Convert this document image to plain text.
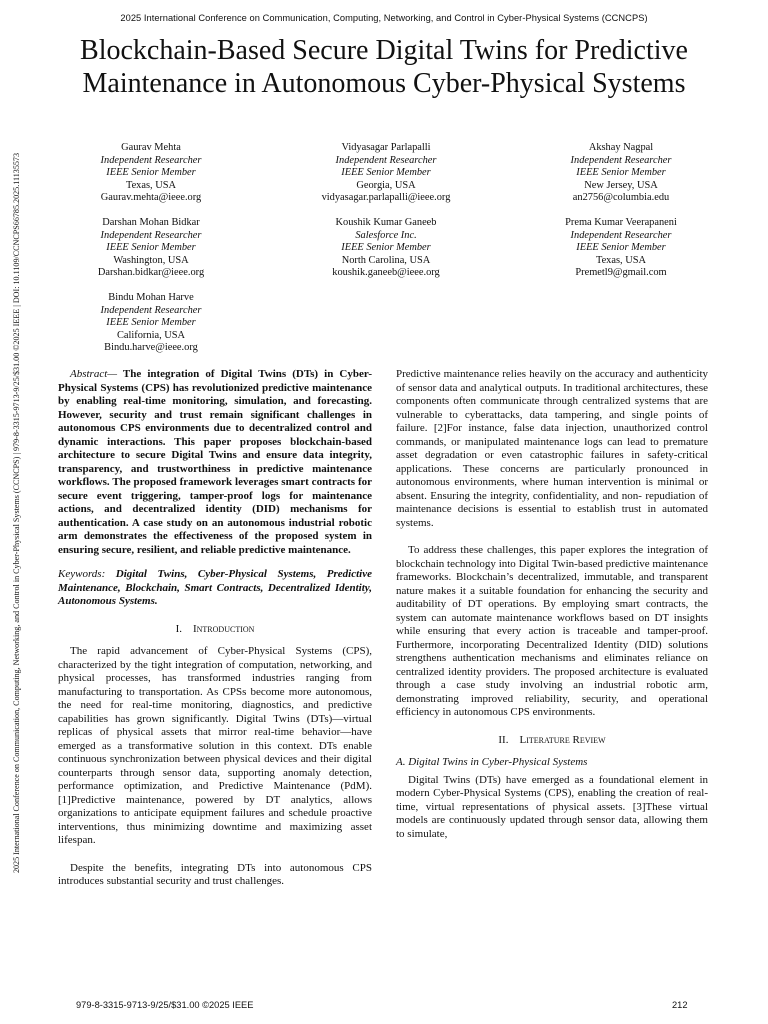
2025 International Conference on Communication, Computing, Networking, and Control in Cyber-Physical Systems (CCNCPS)
2025 International Conference on Communication, Computing, Networking, and Control in Cyber-Physical Systems (CCNCPS) | 979-8-3315-9713-9/25/$31.00 ©2025 IEEE | DOI: 10.1109/CCNCPS66785.2025.11135573
Blockchain-Based Secure Digital Twins for Predictive Maintenance in Autonomous Cyber-Physical Systems
Gaurav Mehta
Independent Researcher
IEEE Senior Member
Texas, USA
Gaurav.mehta@ieee.org
Vidyasagar Parlapalli
Independent Researcher
IEEE Senior Member
Georgia, USA
vidyasagar.parlapalli@ieee.org
Akshay Nagpal
Independent Researcher
IEEE Senior Member
New Jersey, USA
an2756@columbia.edu
Darshan Mohan Bidkar
Independent Researcher
IEEE Senior Member
Washington, USA
Darshan.bidkar@ieee.org
Koushik Kumar Ganeeb
Salesforce Inc.
IEEE Senior Member
North Carolina, USA
koushik.ganeeb@ieee.org
Prema Kumar Veerapaneni
Independent Researcher
IEEE Senior Member
Texas, USA
Premetl9@gmail.com
Bindu Mohan Harve
Independent Researcher
IEEE Senior Member
California, USA
Bindu.harve@ieee.org

Abstract— The integration of Digital Twins (DTs) in Cyber-Physical Systems (CPS) has revolutionized predictive maintenance by enabling real-time monitoring, simulation, and forecasting. However, security and trust remain significant challenges in autonomous CPS environments due to decentralized control and dynamic interactions. This paper proposes blockchain-based architecture to secure Digital Twins and ensure data integrity, transparency, and trustworthiness in predictive maintenance workflows. The proposed framework leverages smart contracts for secure event triggering, tamper-proof logs for maintenance actions, and decentralized identity (DID) mechanisms for authentication. A case study on an autonomous industrial robotic arm demonstrates the effectiveness of the proposed system in ensuring secure, resilient, and reliable predictive maintenance.

Keywords: Digital Twins, Cyber-Physical Systems, Predictive Maintenance, Blockchain, Smart Contracts, Decentralized Identity, Autonomous Systems.

I. Introduction

The rapid advancement of Cyber-Physical Systems (CPS), characterized by the tight integration of computation, networking, and physical processes, has transformed industries ranging from manufacturing to transportation. As CPSs become more autonomous, the need for real-time monitoring, diagnostics, and predictive capabilities has grown significantly. Digital Twins (DTs)—virtual replicas of physical assets that mirror real-time behavior—have emerged as a transformative solution in this context. DTs enable continuous synchronization between physical devices and their digital counterparts through sensor data, supporting anomaly detection, performance optimization, and Predictive Maintenance (PdM). [1]Predictive maintenance, powered by DT analytics, allows organizations to anticipate equipment failures and schedule proactive interventions, thus minimizing downtime and maximizing asset lifespan.

Despite the benefits, integrating DTs into autonomous CPS introduces substantial security and trust challenges.

Predictive maintenance relies heavily on the accuracy and authenticity of sensor data and analytical outputs. In traditional architectures, these components often communicate through centralized systems that are vulnerable to cyberattacks, data tampering, and single points of failure. [2]For instance, false data injection, unauthorized control commands, or manipulated maintenance logs can lead to premature asset degradation or even catastrophic failures in safety-critical applications. These concerns are particularly pronounced in autonomous environments, where human intervention is minimal or absent. Ensuring the integrity, confidentiality, and non- repudiation of maintenance decisions is essential to establish trust in automated systems.

To address these challenges, this paper explores the integration of blockchain technology into Digital Twin-based predictive maintenance frameworks. Blockchain’s decentralized, immutable, and transparent nature makes it a suitable foundation for enhancing the security and auditability of DT operations. By employing smart contracts, the system can automate maintenance workflows based on DT insights while ensuring that every action is traceable and tamper-proof. Furthermore, incorporating Decentralized Identity (DID) solutions strengthens authentication mechanisms and eliminates reliance on centralized identity providers. The proposed architecture is evaluated through a case study involving an industrial robotic arm, demonstrating improved reliability, security, and operational efficiency in autonomous CPS environments.

II. Literature Review

A. Digital Twins in Cyber-Physical Systems

Digital Twins (DTs) have emerged as a foundational element in modern Cyber-Physical Systems (CPS), enabling the creation of real-time, virtual representations of physical assets. [3]These virtual models are continuously updated through sensor data, allowing them to simulate,

979-8-3315-9713-9/25/$31.00 ©2025 IEEE	212
